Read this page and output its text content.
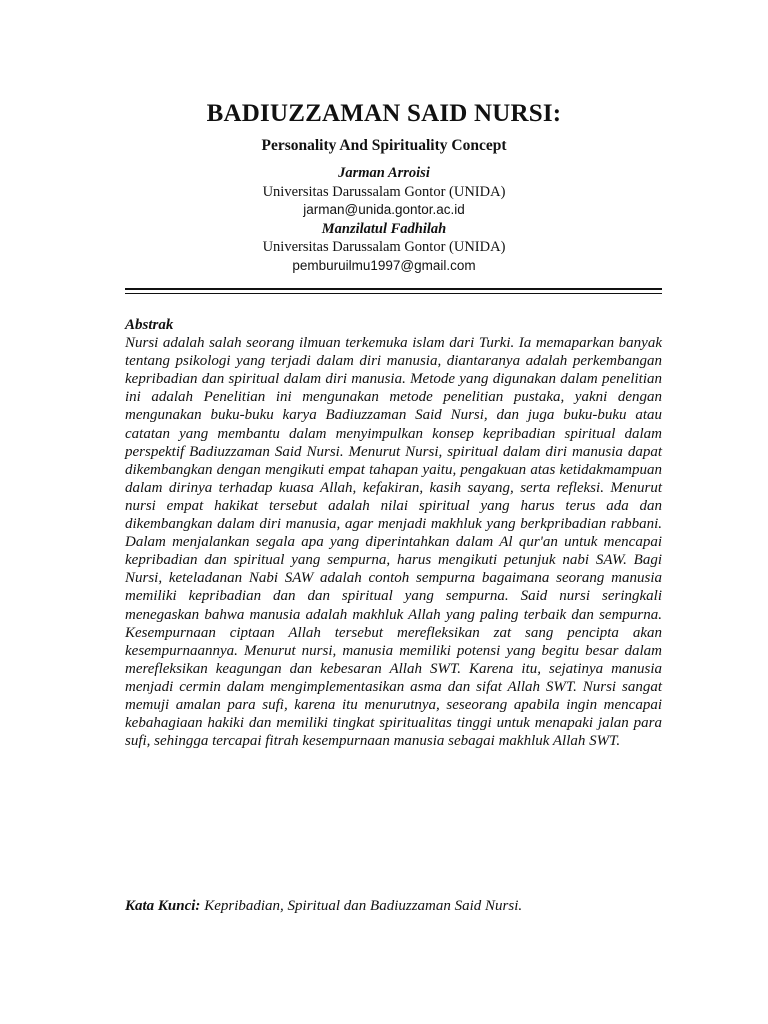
BADIUZZAMAN SAID NURSI:
Personality And Spirituality Concept
Jarman Arroisi
Universitas Darussalam Gontor (UNIDA)
jarman@unida.gontor.ac.id
Manzilatul Fadhilah
Universitas Darussalam Gontor (UNIDA)
pemburuilmu1997@gmail.com

Abstrak

Nursi adalah salah seorang ilmuan terkemuka islam dari Turki. Ia memaparkan banyak tentang psikologi yang terjadi dalam diri manusia, diantaranya adalah perkembangan kepribadian dan spiritual dalam diri manusia. Metode yang digunakan dalam penelitian ini adalah Penelitian ini mengunakan metode penelitian pustaka, yakni dengan mengunakan buku-buku karya Badiuzzaman Said Nursi, dan juga buku-buku atau catatan yang membantu dalam menyimpulkan konsep kepribadian spiritual dalam perspektif Badiuzzaman Said Nursi. Menurut Nursi, spiritual dalam diri manusia dapat dikembangkan dengan mengikuti empat tahapan yaitu, pengakuan atas ketidakmampuan dalam dirinya terhadap kuasa Allah, kefakiran, kasih sayang, serta refleksi. Menurut nursi empat hakikat tersebut adalah nilai spiritual yang harus terus ada dan dikembangkan dalam diri manusia, agar menjadi makhluk yang berkpribadian rabbani. Dalam menjalankan segala apa yang diperintahkan dalam Al qur'an untuk mencapai kepribadian dan spiritual yang sempurna, harus mengikuti petunjuk nabi SAW. Bagi Nursi, keteladanan Nabi SAW adalah contoh sempurna bagaimana seorang manusia memiliki kepribadian dan dan spiritual yang sempurna. Said nursi seringkali menegaskan bahwa manusia adalah makhluk Allah yang paling terbaik dan sempurna. Kesempurnaan ciptaan Allah tersebut merefleksikan zat sang pencipta akan kesempurnaannya. Menurut nursi, manusia memiliki potensi yang begitu besar dalam merefleksikan keagungan dan kebesaran Allah SWT. Karena itu, sejatinya manusia menjadi cermin dalam mengimplementasikan asma dan sifat Allah SWT. Nursi sangat memuji amalan para sufi, karena itu menurutnya, seseorang apabila ingin mencapai kebahagiaan hakiki dan memiliki tingkat spiritualitas tinggi untuk menapaki jalan para sufi, sehingga tercapai fitrah kesempurnaan manusia sebagai makhluk Allah SWT.

Kata Kunci: Kepribadian, Spiritual dan Badiuzzaman Said Nursi.
